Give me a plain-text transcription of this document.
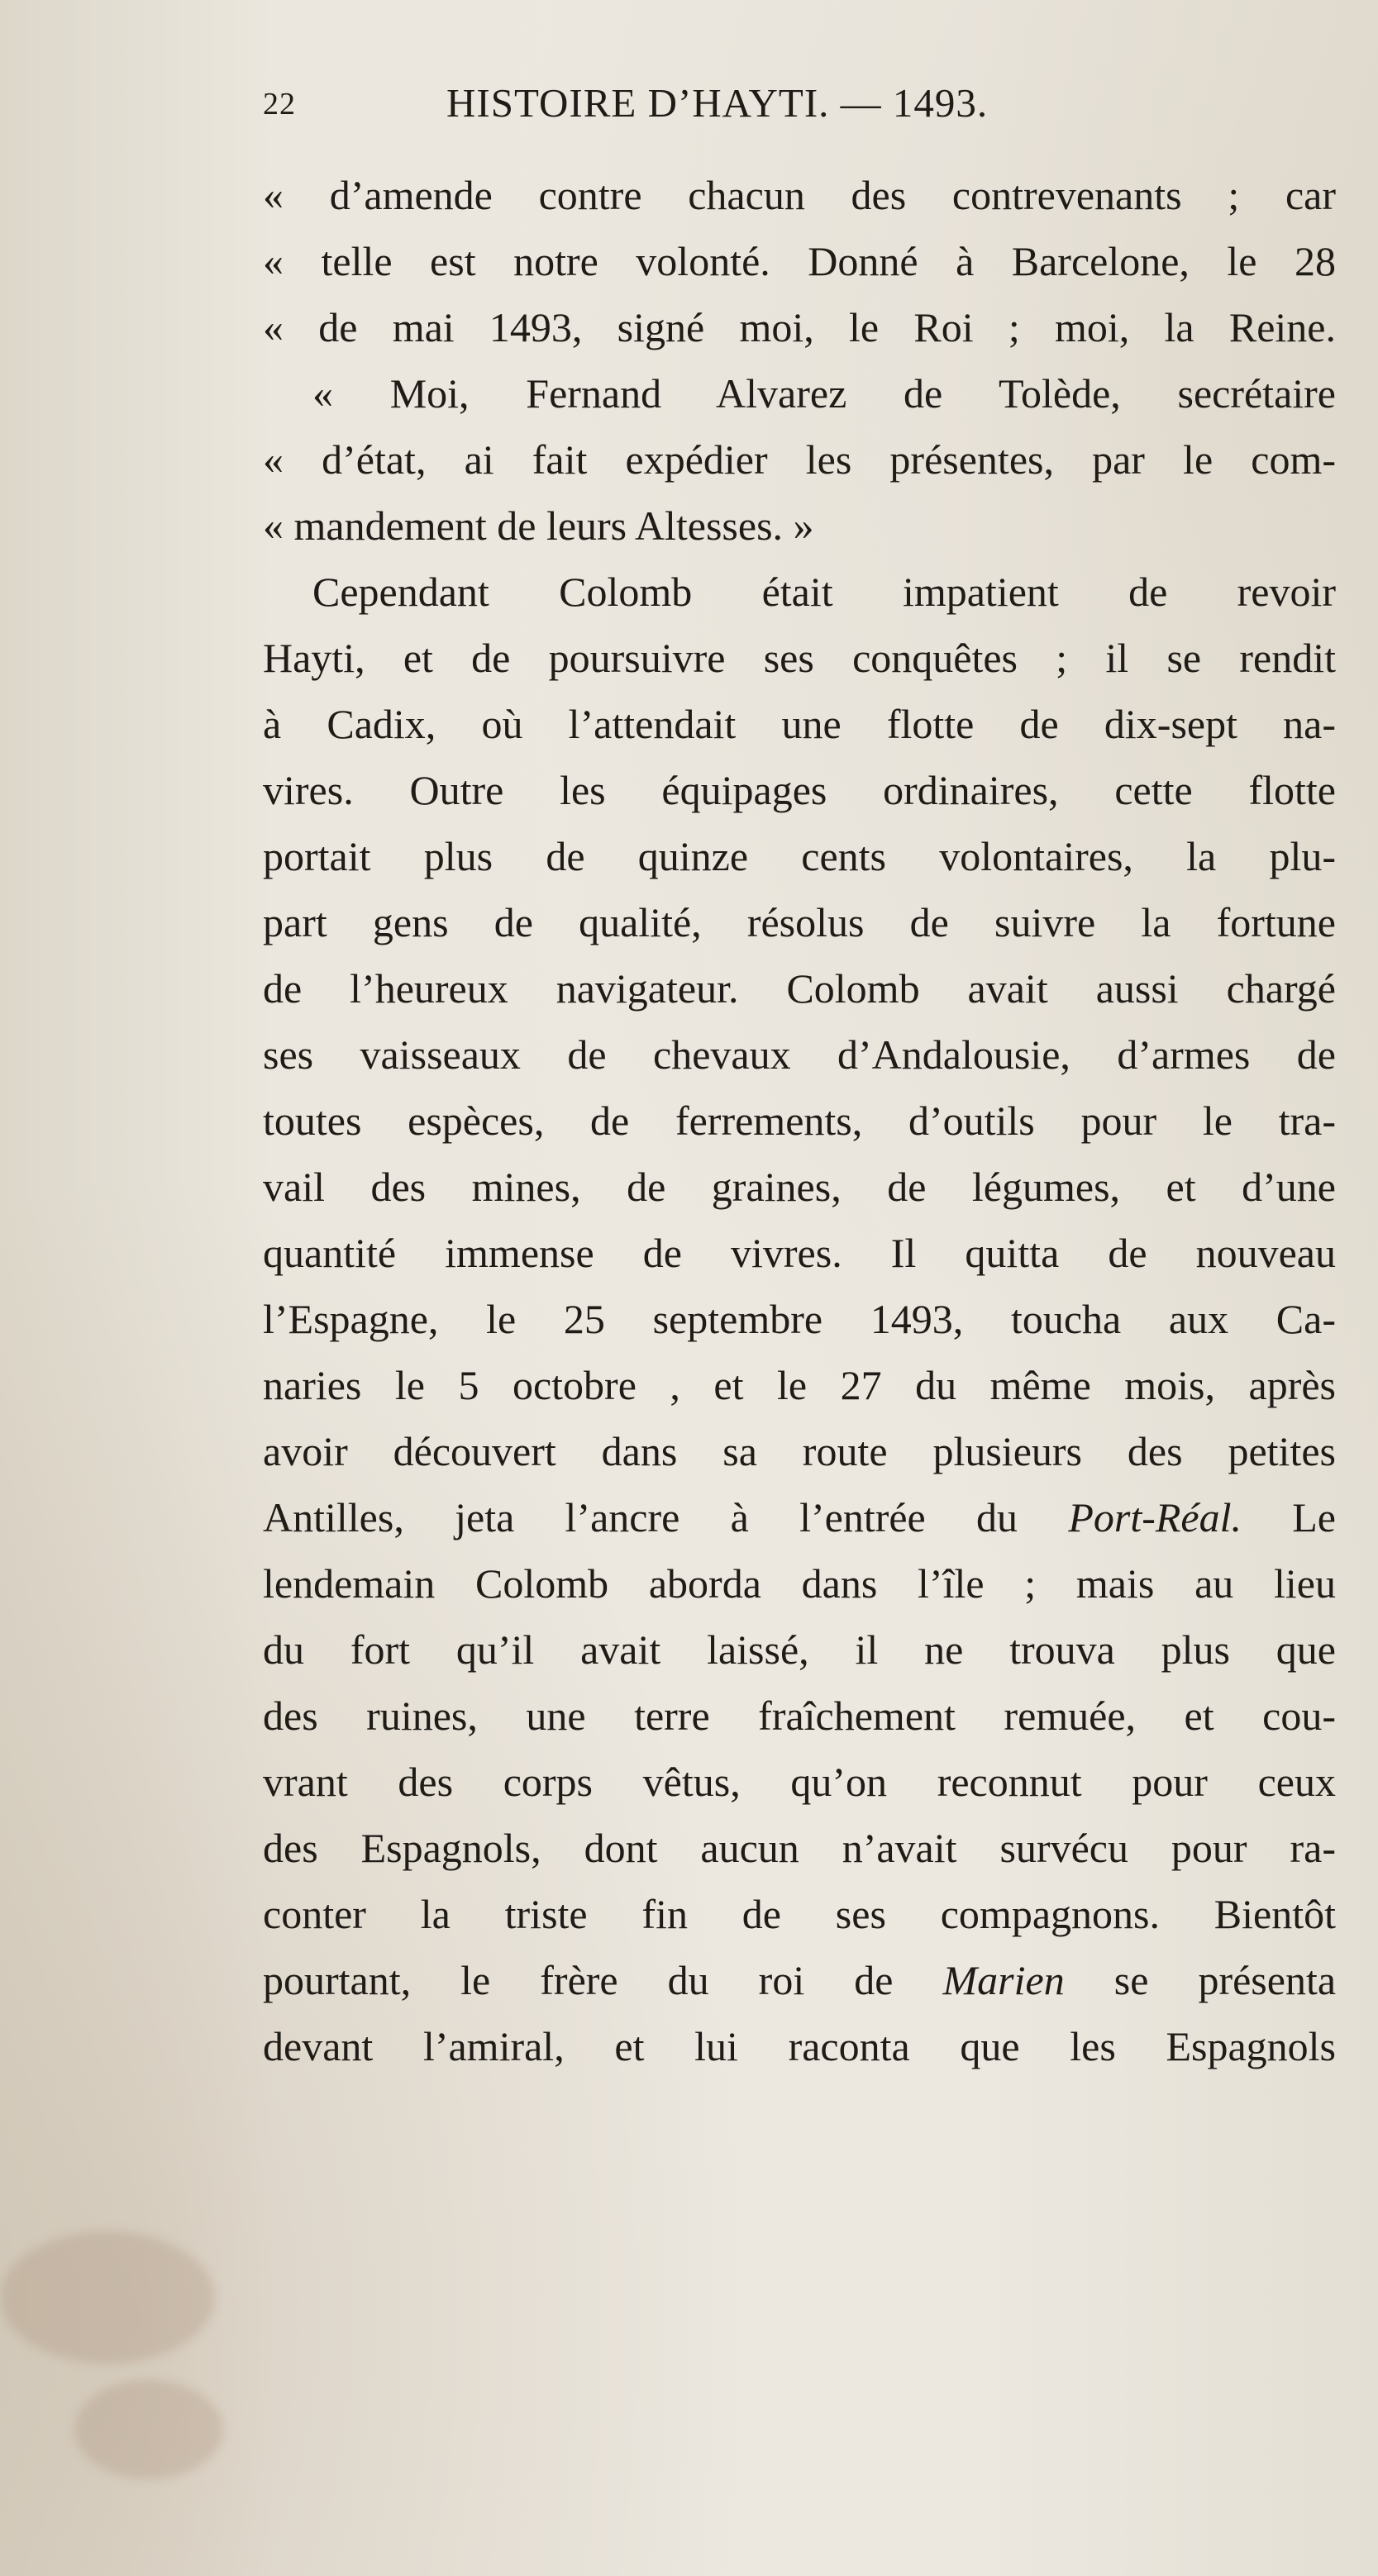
22	HISTOIRE D’HAYTI. — 1493.
« d’amende contre chacun des contrevenants ; car
« telle est notre volonté. Donné à Barcelone, le 28
« de mai 1493, signé moi, le Roi ; moi, la Reine.
« Moi, Fernand Alvarez de Tolède, secrétaire
« d’état, ai fait expédier les présentes, par le com-
« mandement de leurs Altesses. »
Cependant Colomb était impatient de revoir
Hayti, et de poursuivre ses conquêtes ; il se rendit
à Cadix, où l’attendait une flotte de dix-sept na-
vires. Outre les équipages ordinaires, cette flotte
portait plus de quinze cents volontaires, la plu-
part gens de qualité, résolus de suivre la fortune
de l’heureux navigateur. Colomb avait aussi chargé
ses vaisseaux de chevaux d’Andalousie, d’armes de
toutes espèces, de ferrements, d’outils pour le tra-
vail des mines, de graines, de légumes, et d’une
quantité immense de vivres. Il quitta de nouveau
l’Espagne, le 25 septembre 1493, toucha aux Ca-
naries le 5 octobre , et le 27 du même mois, après
avoir découvert dans sa route plusieurs des petites
Antilles, jeta l’ancre à l’entrée du Port-Réal. Le
lendemain Colomb aborda dans l’île ; mais au lieu
du fort qu’il avait laissé, il ne trouva plus que
des ruines, une terre fraîchement remuée, et cou-
vrant des corps vêtus, qu’on reconnut pour ceux
des Espagnols, dont aucun n’avait survécu pour ra-
conter la triste fin de ses compagnons. Bientôt
pourtant, le frère du roi de Marien se présenta
devant l’amiral, et lui raconta que les Espagnols
